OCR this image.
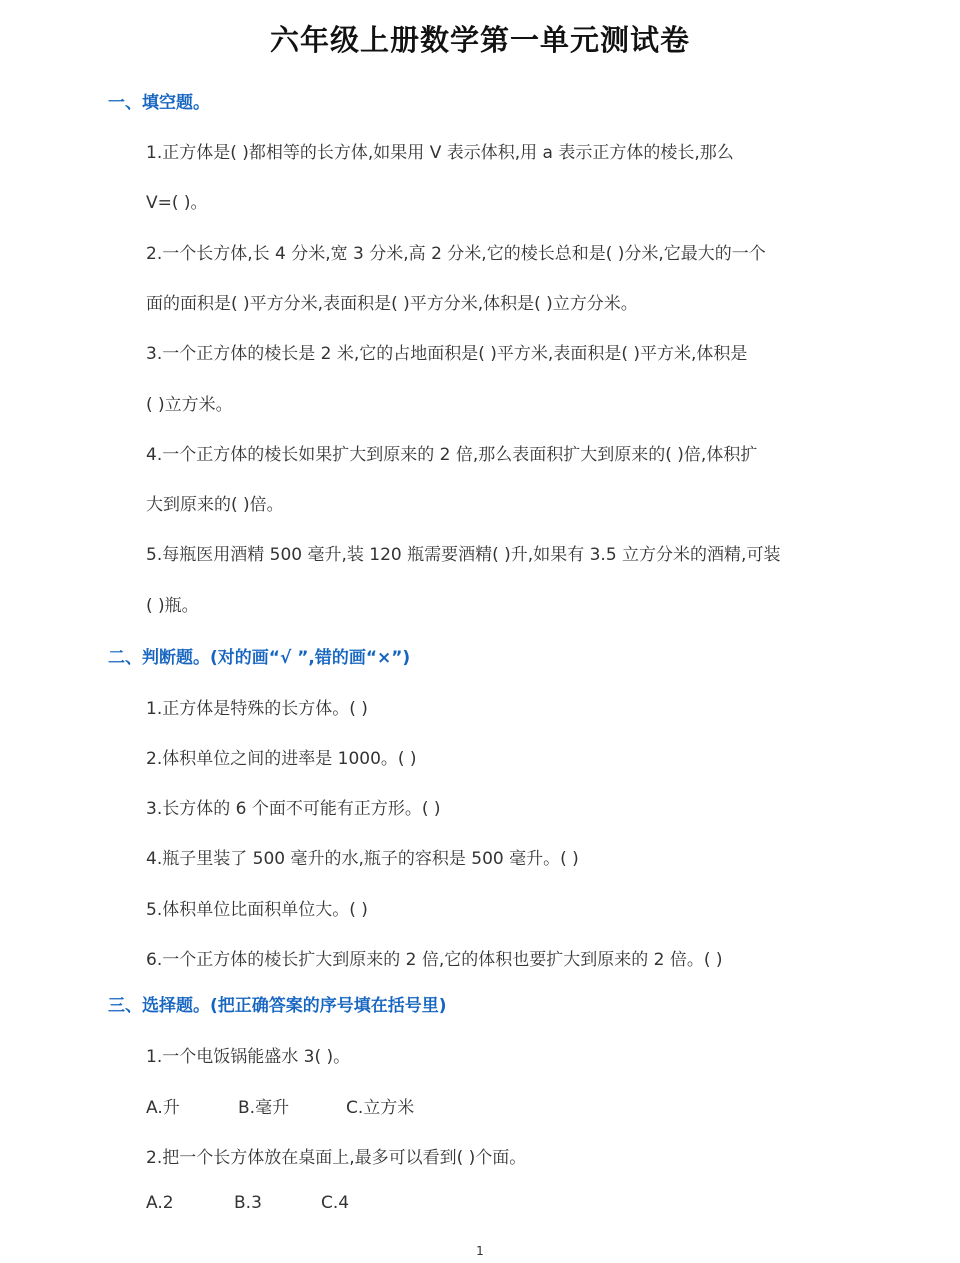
六年级上册数学第一单元测试卷
一、填空题。
1.正方体是( )都相等的长方体,如果用 V 表示体积,用 a 表示正方体的棱长,那么
V=( )。
2.一个长方体,长 4 分米,宽 3 分米,高 2 分米,它的棱长总和是( )分米,它最大的一个
面的面积是( )平方分米,表面积是( )平方分米,体积是( )立方分米。
3.一个正方体的棱长是 2 米,它的占地面积是( )平方米,表面积是( )平方米,体积是
( )立方米。
4.一个正方体的棱长如果扩大到原来的 2 倍,那么表面积扩大到原来的( )倍,体积扩
大到原来的( )倍。
5.每瓶医用酒精 500 毫升,装 120 瓶需要酒精( )升,如果有 3.5 立方分米的酒精,可装
( )瓶。
二、判断题。(对的画“√ ”,错的画“×”)
1.正方体是特殊的长方体。( )
2.体积单位之间的进率是 1000。( )
3.长方体的 6 个面不可能有正方形。( )
4.瓶子里装了 500 毫升的水,瓶子的容积是 500 毫升。( )
5.体积单位比面积单位大。( )
6.一个正方体的棱长扩大到原来的 2 倍,它的体积也要扩大到原来的 2 倍。( )
三、选择题。(把正确答案的序号填在括号里)
1.一个电饭锅能盛水 3( )。
A.升	B.毫升	C.立方米
2.把一个长方体放在桌面上,最多可以看到( )个面。
A.2	B.3	C.4
1
